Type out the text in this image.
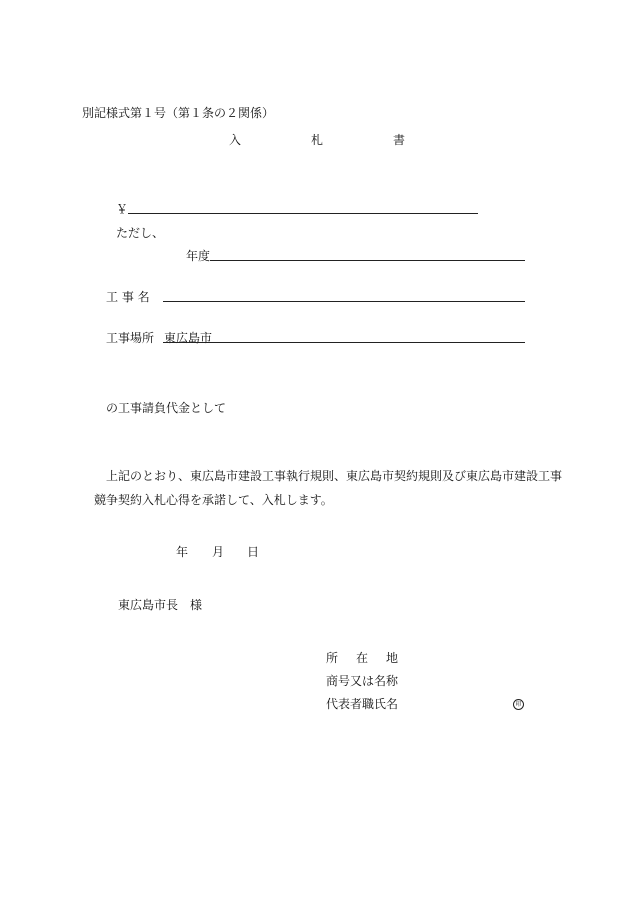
別記様式第１号（第１条の２関係）
入	札	書
￥
ただし、
年度
工 事 名
工事場所 東広島市
の工事請負代金として
上記のとおり、東広島市建設工事執行規則、東広島市契約規則及び東広島市建設工事
競争契約入札心得を承諾して、入札します。
年 月 日
東広島市長　様
所 在 地
商号又は名称
代表者職氏名	印
